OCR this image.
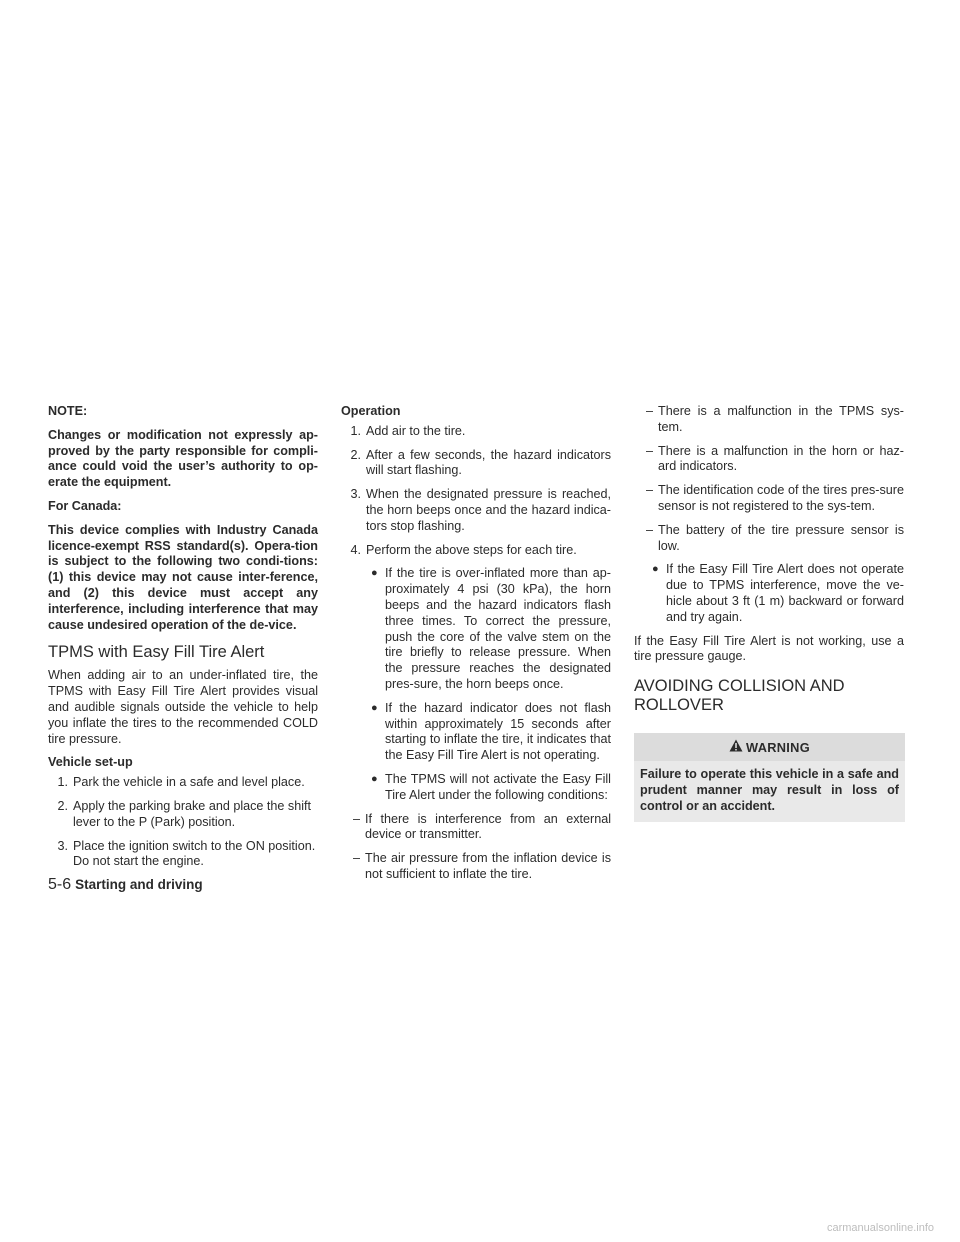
NOTE:

Changes or modification not expressly ap-proved by the party responsible for compli-ance could void the user’s authority to op-erate the equipment.

For Canada:

This device complies with Industry Canada licence-exempt RSS standard(s). Opera-tion is subject to the following two condi-tions: (1) this device may not cause inter-ference, and (2) this device must accept any interference, including interference that may cause undesired operation of the de-vice.

TPMS with Easy Fill Tire Alert

When adding air to an under-inflated tire, the TPMS with Easy Fill Tire Alert provides visual and audible signals outside the vehicle to help you inflate the tires to the recommended COLD tire pressure.

Vehicle set-up

1. Park the vehicle in a safe and level place.
2. Apply the parking brake and place the shift lever to the P (Park) position.
3. Place the ignition switch to the ON position. Do not start the engine.

Operation

1. Add air to the tire.
2. After a few seconds, the hazard indicators will start flashing.
3. When the designated pressure is reached, the horn beeps once and the hazard indica-tors stop flashing.
4. Perform the above steps for each tire.
● If the tire is over-inflated more than ap-proximately 4 psi (30 kPa), the horn beeps and the hazard indicators flash three times. To correct the pressure, push the core of the valve stem on the tire briefly to release pressure. When the pressure reaches the designated pres-sure, the horn beeps once.
● If the hazard indicator does not flash within approximately 15 seconds after starting to inflate the tire, it indicates that the Easy Fill Tire Alert is not operating.
● The TPMS will not activate the Easy Fill Tire Alert under the following conditions:
– If there is interference from an external device or transmitter.
– The air pressure from the inflation device is not sufficient to inflate the tire.
– There is a malfunction in the TPMS sys-tem.
– There is a malfunction in the horn or haz-ard indicators.
– The identification code of the tires pres-sure sensor is not registered to the sys-tem.
– The battery of the tire pressure sensor is low.
● If the Easy Fill Tire Alert does not operate due to TPMS interference, move the ve-hicle about 3 ft (1 m) backward or forward and try again.

If the Easy Fill Tire Alert is not working, use a tire pressure gauge.

AVOIDING COLLISION AND
ROLLOVER
WARNING
Failure to operate this vehicle in a safe and prudent manner may result in loss of control or an accident.
5-6 Starting and driving
carmanualsonline.info
